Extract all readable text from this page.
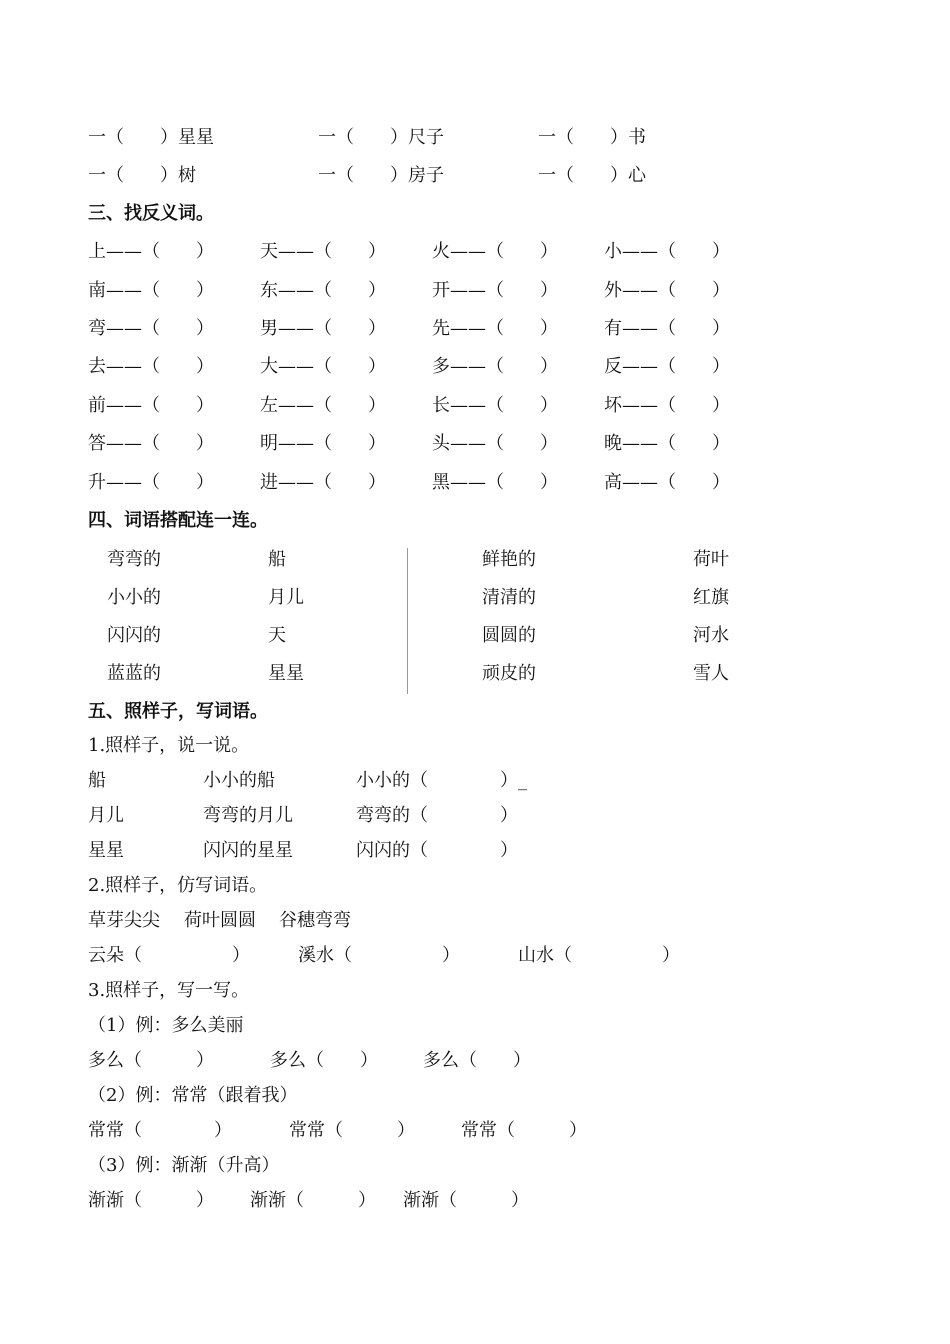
一（　　）星星	一（　　）尺子	一（　　）书
一（　　）树	一（　　）房子	一（　　）心
三、找反义词。
上——（　　）	天——（　　）	火——（　　）	小——（　　）
南——（　　）	东——（　　）	开——（　　）	外——（　　）
弯——（　　）	男——（　　）	先——（　　）	有——（　　）
去——（　　）	大——（　　）	多——（　　）	反——（　　）
前——（　　）	左——（　　）	长——（　　）	坏——（　　）
答——（　　）	明——（　　）	头——（　　）	晚——（　　）
升——（　　）	进——（　　）	黑——（　　）	高——（　　）
四、词语搭配连一连。
弯弯的	船	鲜艳的	荷叶
小小的	月儿	清清的	红旗
闪闪的	天	圆圆的	河水
蓝蓝的	星星	顽皮的	雪人
五、照样子，写词语。
1.照样子，说一说。
船	小小的船	小小的（　　　　）_
月儿	弯弯的月儿	弯弯的（　　　　）
星星	闪闪的星星	闪闪的（　　　　）
2.照样子，仿写词语。
草芽尖尖 荷叶圆圆 谷穗弯弯
云朵（　　　　　）	溪水（　　　　　）	山水（　　　　　）
3.照样子，写一写。
（1）例：多么美丽
多么（　　　）	多么（　　）	多么（　　）
（2）例：常常（跟着我）
常常（　　　　）	常常（　　　）	常常（　　　）
（3）例：渐渐（升高）
渐渐（　　　） 渐渐（　　　） 渐渐（　　　）
